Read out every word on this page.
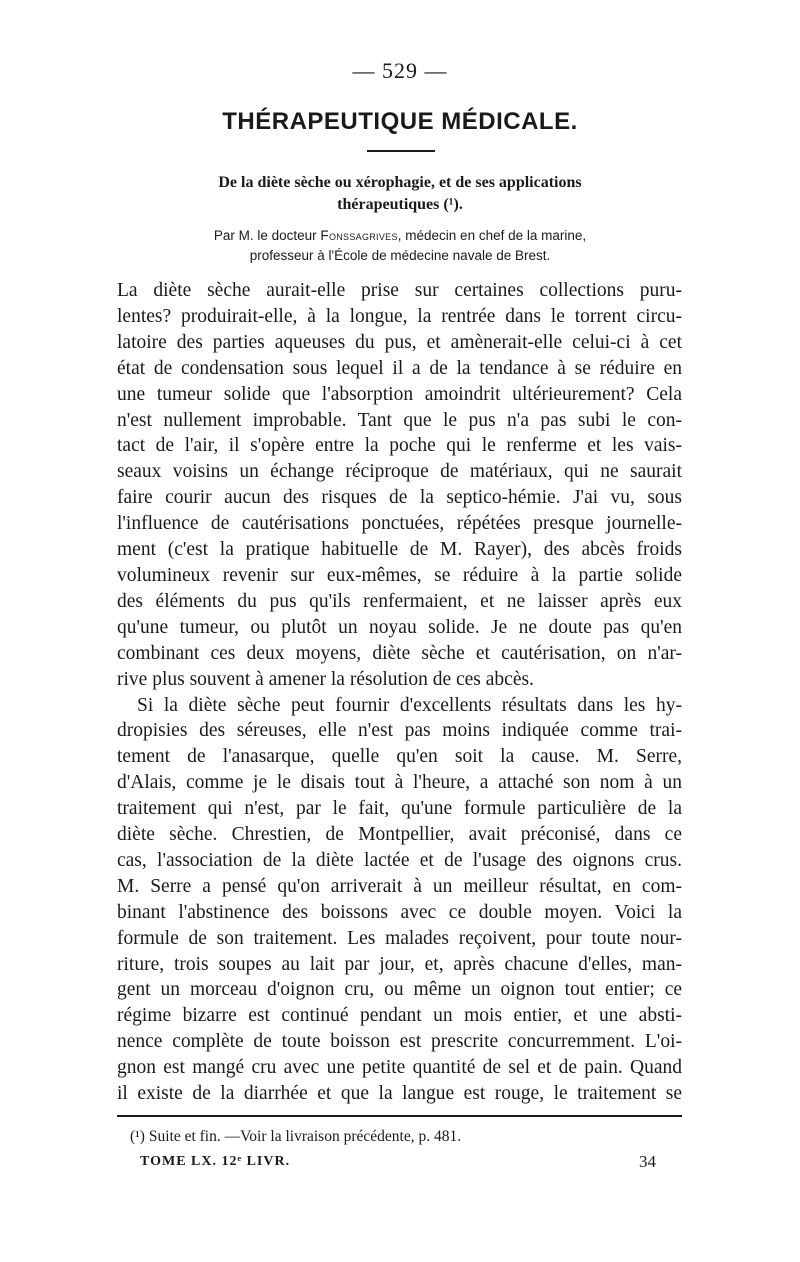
— 529 —
THÉRAPEUTIQUE MÉDICALE.
De la diète sèche ou xérophagie, et de ses applications
thérapeutiques (¹).
Par M. le docteur Fonssagrives, médecin en chef de la marine,
professeur à l'École de médecine navale de Brest.
La diète sèche aurait-elle prise sur certaines collections puru-
lentes? produirait-elle, à la longue, la rentrée dans le torrent circu-
latoire des parties aqueuses du pus, et amènerait-elle celui-ci à cet
état de condensation sous lequel il a de la tendance à se réduire en
une tumeur solide que l'absorption amoindrit ultérieurement? Cela
n'est nullement improbable. Tant que le pus n'a pas subi le con-
tact de l'air, il s'opère entre la poche qui le renferme et les vais-
seaux voisins un échange réciproque de matériaux, qui ne saurait
faire courir aucun des risques de la septico-hémie. J'ai vu, sous
l'influence de cautérisations ponctuées, répétées presque journelle-
ment (c'est la pratique habituelle de M. Rayer), des abcès froids
volumineux revenir sur eux-mêmes, se réduire à la partie solide
des éléments du pus qu'ils renfermaient, et ne laisser après eux
qu'une tumeur, ou plutôt un noyau solide. Je ne doute pas qu'en
combinant ces deux moyens, diète sèche et cautérisation, on n'ar-
rive plus souvent à amener la résolution de ces abcès.
Si la diète sèche peut fournir d'excellents résultats dans les hy-
dropisies des séreuses, elle n'est pas moins indiquée comme trai-
tement de l'anasarque, quelle qu'en soit la cause. M. Serre,
d'Alais, comme je le disais tout à l'heure, a attaché son nom à un
traitement qui n'est, par le fait, qu'une formule particulière de la
diète sèche. Chrestien, de Montpellier, avait préconisé, dans ce
cas, l'association de la diète lactée et de l'usage des oignons crus.
M. Serre a pensé qu'on arriverait à un meilleur résultat, en com-
binant l'abstinence des boissons avec ce double moyen. Voici la
formule de son traitement. Les malades reçoivent, pour toute nour-
riture, trois soupes au lait par jour, et, après chacune d'elles, man-
gent un morceau d'oignon cru, ou même un oignon tout entier; ce
régime bizarre est continué pendant un mois entier, et une absti-
nence complète de toute boisson est prescrite concurremment. L'oi-
gnon est mangé cru avec une petite quantité de sel et de pain. Quand
il existe de la diarrhée et que la langue est rouge, le traitement se
(¹) Suite et fin. —Voir la livraison précédente, p. 481.
TOME LX. 12ᵉ LIVR.	34
